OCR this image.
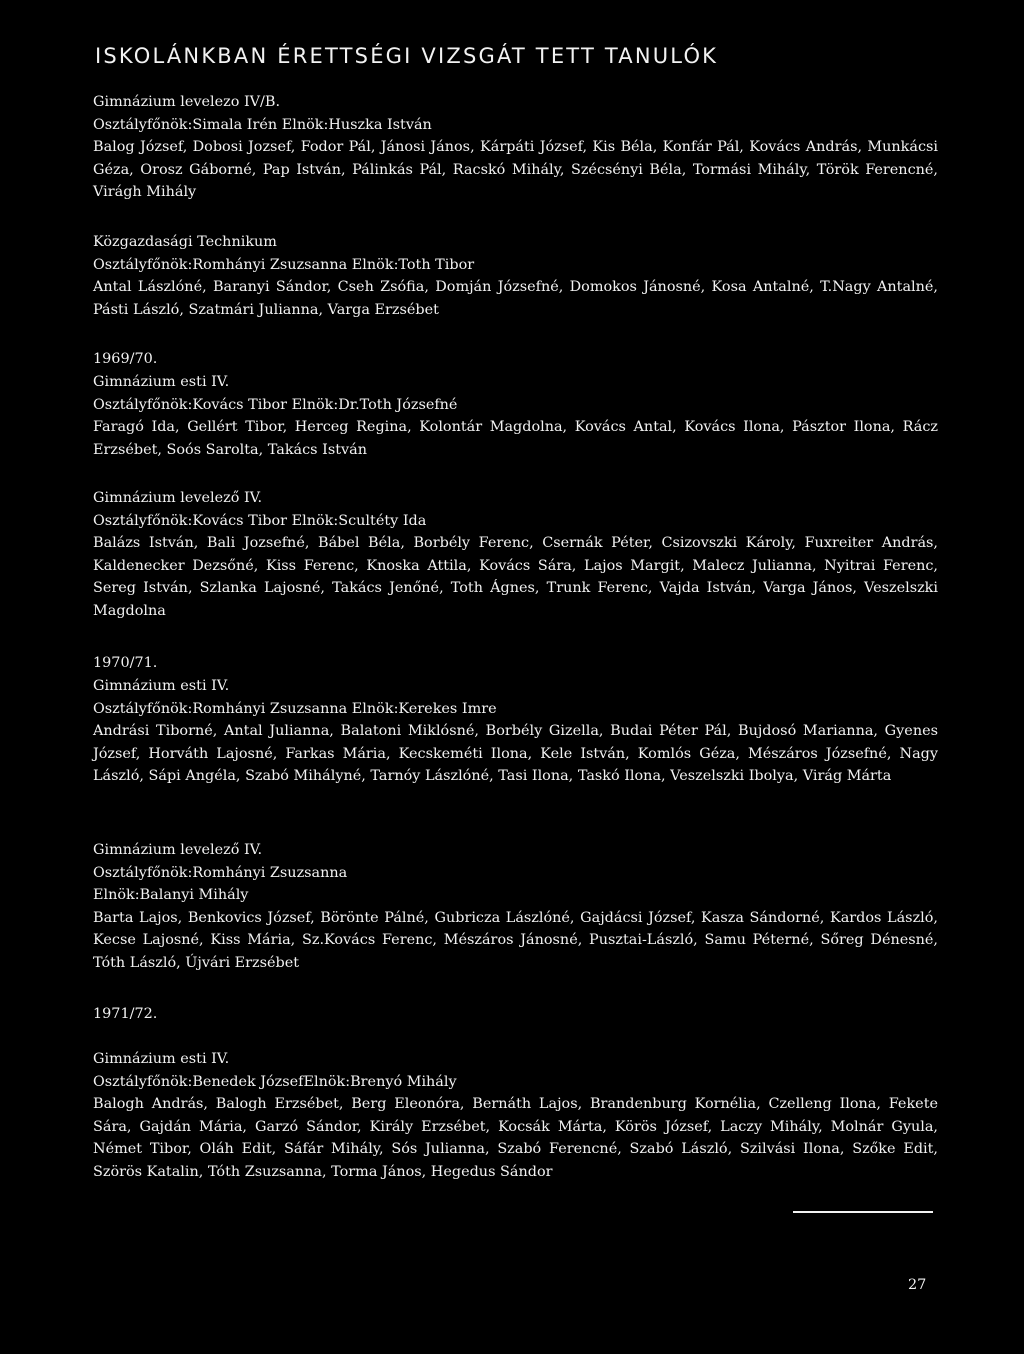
ISKOLÁNKBAN ÉRETTSÉGI VIZSGÁT TETT TANULÓK
Gimnázium levelezo IV/B.
Osztályfőnök:Simala Irén Elnök:Huszka István
Balog József, Dobosi Jozsef, Fodor Pál, Jánosi János, Kárpáti József, Kis Béla, Konfár Pál, Kovács András, Munkácsi Géza, Orosz Gáborné, Pap István, Pálinkás Pál, Racskó Mihály, Szécsényi Béla, Tormási Mihály, Török Ferencné, Virágh Mihály
Közgazdasági Technikum
Osztályfőnök:Romhányi Zsuzsanna Elnök:Toth Tibor
Antal Lászlóné, Baranyi Sándor, Cseh Zsófia, Domján Józsefné, Domokos Jánosné, Kosa Antalné, T.Nagy Antalné, Pásti László, Szatmári Julianna, Varga Erzsébet
1969/70.
Gimnázium esti IV.
Osztályfőnök:Kovács Tibor Elnök:Dr.Toth Józsefné
Faragó Ida, Gellért Tibor, Herceg Regina, Kolontár Magdolna, Kovács Antal, Kovács Ilona, Pásztor Ilona, Rácz Erzsébet, Soós Sarolta, Takács István
Gimnázium levelező IV.
Osztályfőnök:Kovács Tibor Elnök:Scultéty Ida
Balázs István, Bali Jozsefné, Bábel Béla, Borbély Ferenc, Csernák Péter, Csizovszki Károly, Fuxreiter András, Kaldenecker Dezsőné, Kiss Ferenc, Knoska Attila, Kovács Sára, Lajos Margit, Malecz Julianna, Nyitrai Ferenc, Sereg István, Szlanka Lajosné, Takács Jenőné, Toth Ágnes, Trunk Ferenc, Vajda István, Varga János, Veszelszki Magdolna
1970/71.
Gimnázium esti IV.
Osztályfőnök:Romhányi Zsuzsanna Elnök:Kerekes Imre
Andrási Tiborné, Antal Julianna, Balatoni Miklósné, Borbély Gizella, Budai Péter Pál, Bujdosó Marianna, Gyenes József, Horváth Lajosné, Farkas Mária, Kecskeméti Ilona, Kele István, Komlós Géza, Mészáros Józsefné, Nagy László, Sápi Angéla, Szabó Mihályné, Tarnóy Lászlóné, Tasi Ilona, Taskó Ilona, Veszelszki Ibolya, Virág Márta
Gimnázium levelező IV.
Osztályfőnök:Romhányi Zsuzsanna
Elnök:Balanyi Mihály
Barta Lajos, Benkovics József, Börönte Pálné, Gubricza Lászlóné, Gajdácsi József, Kasza Sándorné, Kardos László, Kecse Lajosné, Kiss Mária, Sz.Kovács Ferenc, Mészáros Jánosné, Pusztai-László, Samu Péterné, Sőreg Dénesné, Tóth László, Újvári Erzsébet
1971/72.
Gimnázium esti IV.
Osztályfőnök:Benedek JózsefElnök:Brenyó Mihály
Balogh András, Balogh Erzsébet, Berg Eleonóra, Bernáth Lajos, Brandenburg Kornélia, Czelleng Ilona, Fekete Sára, Gajdán Mária, Garzó Sándor, Király Erzsébet, Kocsák Márta, Körös József, Laczy Mihály, Molnár Gyula, Német Tibor, Oláh Edit, Sáfár Mihály, Sós Julianna, Szabó Ferencné, Szabó László, Szilvási Ilona, Szőke Edit, Szörös Katalin, Tóth Zsuzsanna, Torma János, Hegedus Sándor
27
